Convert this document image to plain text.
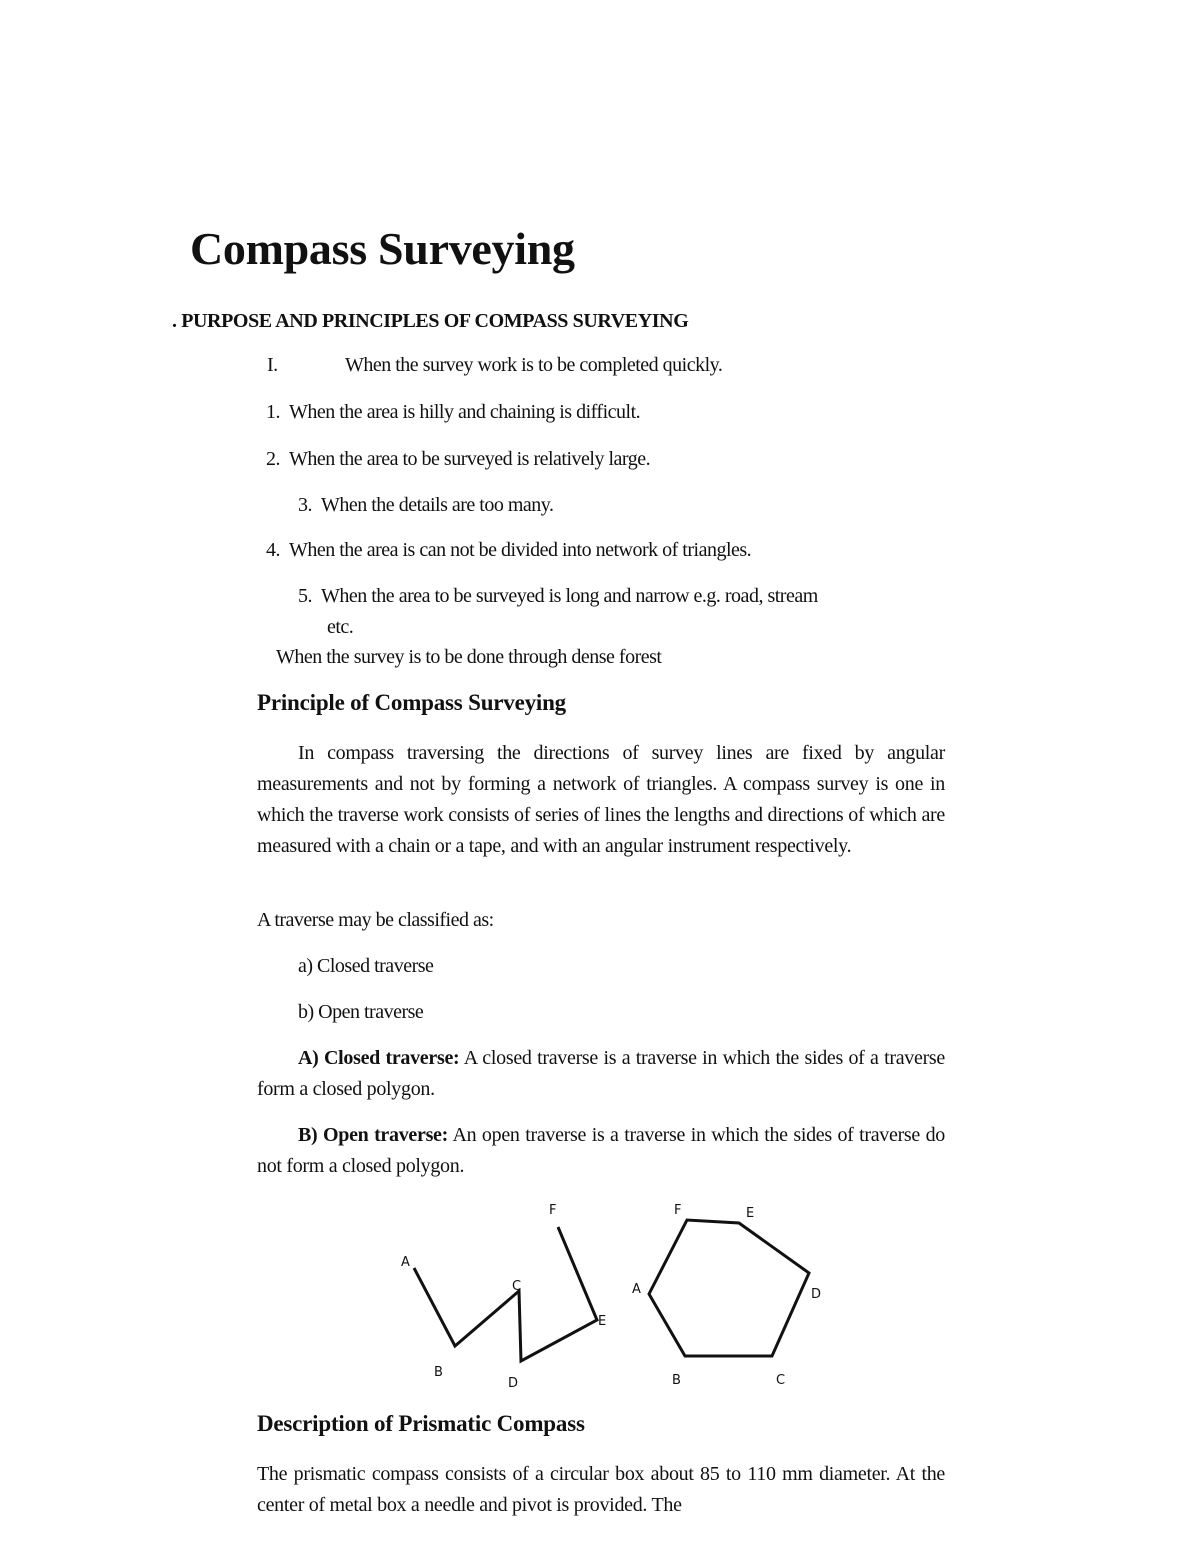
Compass Surveying
. PURPOSE AND PRINCIPLES OF COMPASS SURVEYING
I.	When the survey work is to be completed quickly.
1. When the area is hilly and chaining is difficult.
2. When the area to be surveyed is relatively large.
3. When the details are too many.
4. When the area is can not be divided into network of triangles.
5. When the area to be surveyed is long and narrow e.g. road, stream
etc.
When the survey is to be done through dense forest
Principle of Compass Surveying
In compass traversing the directions of survey lines are fixed by angular measurements and not by forming a network of triangles. A compass survey is one in which the traverse work consists of series of lines the lengths and directions of which are measured with a chain or a tape, and with an angular instrument respectively.
A traverse may be classified as:
a) Closed traverse
b) Open traverse
A) Closed traverse: A closed traverse is a traverse in which the sides of a traverse form a closed polygon.
B) Open traverse: An open traverse is a traverse in which the sides of traverse do not form a closed polygon.
A
B
C
D
E
F
A
B	C
D
E
F
Description of Prismatic Compass
The prismatic compass consists of a circular box about 85 to 110 mm diameter. At the center of metal box a needle and pivot is provided. The
